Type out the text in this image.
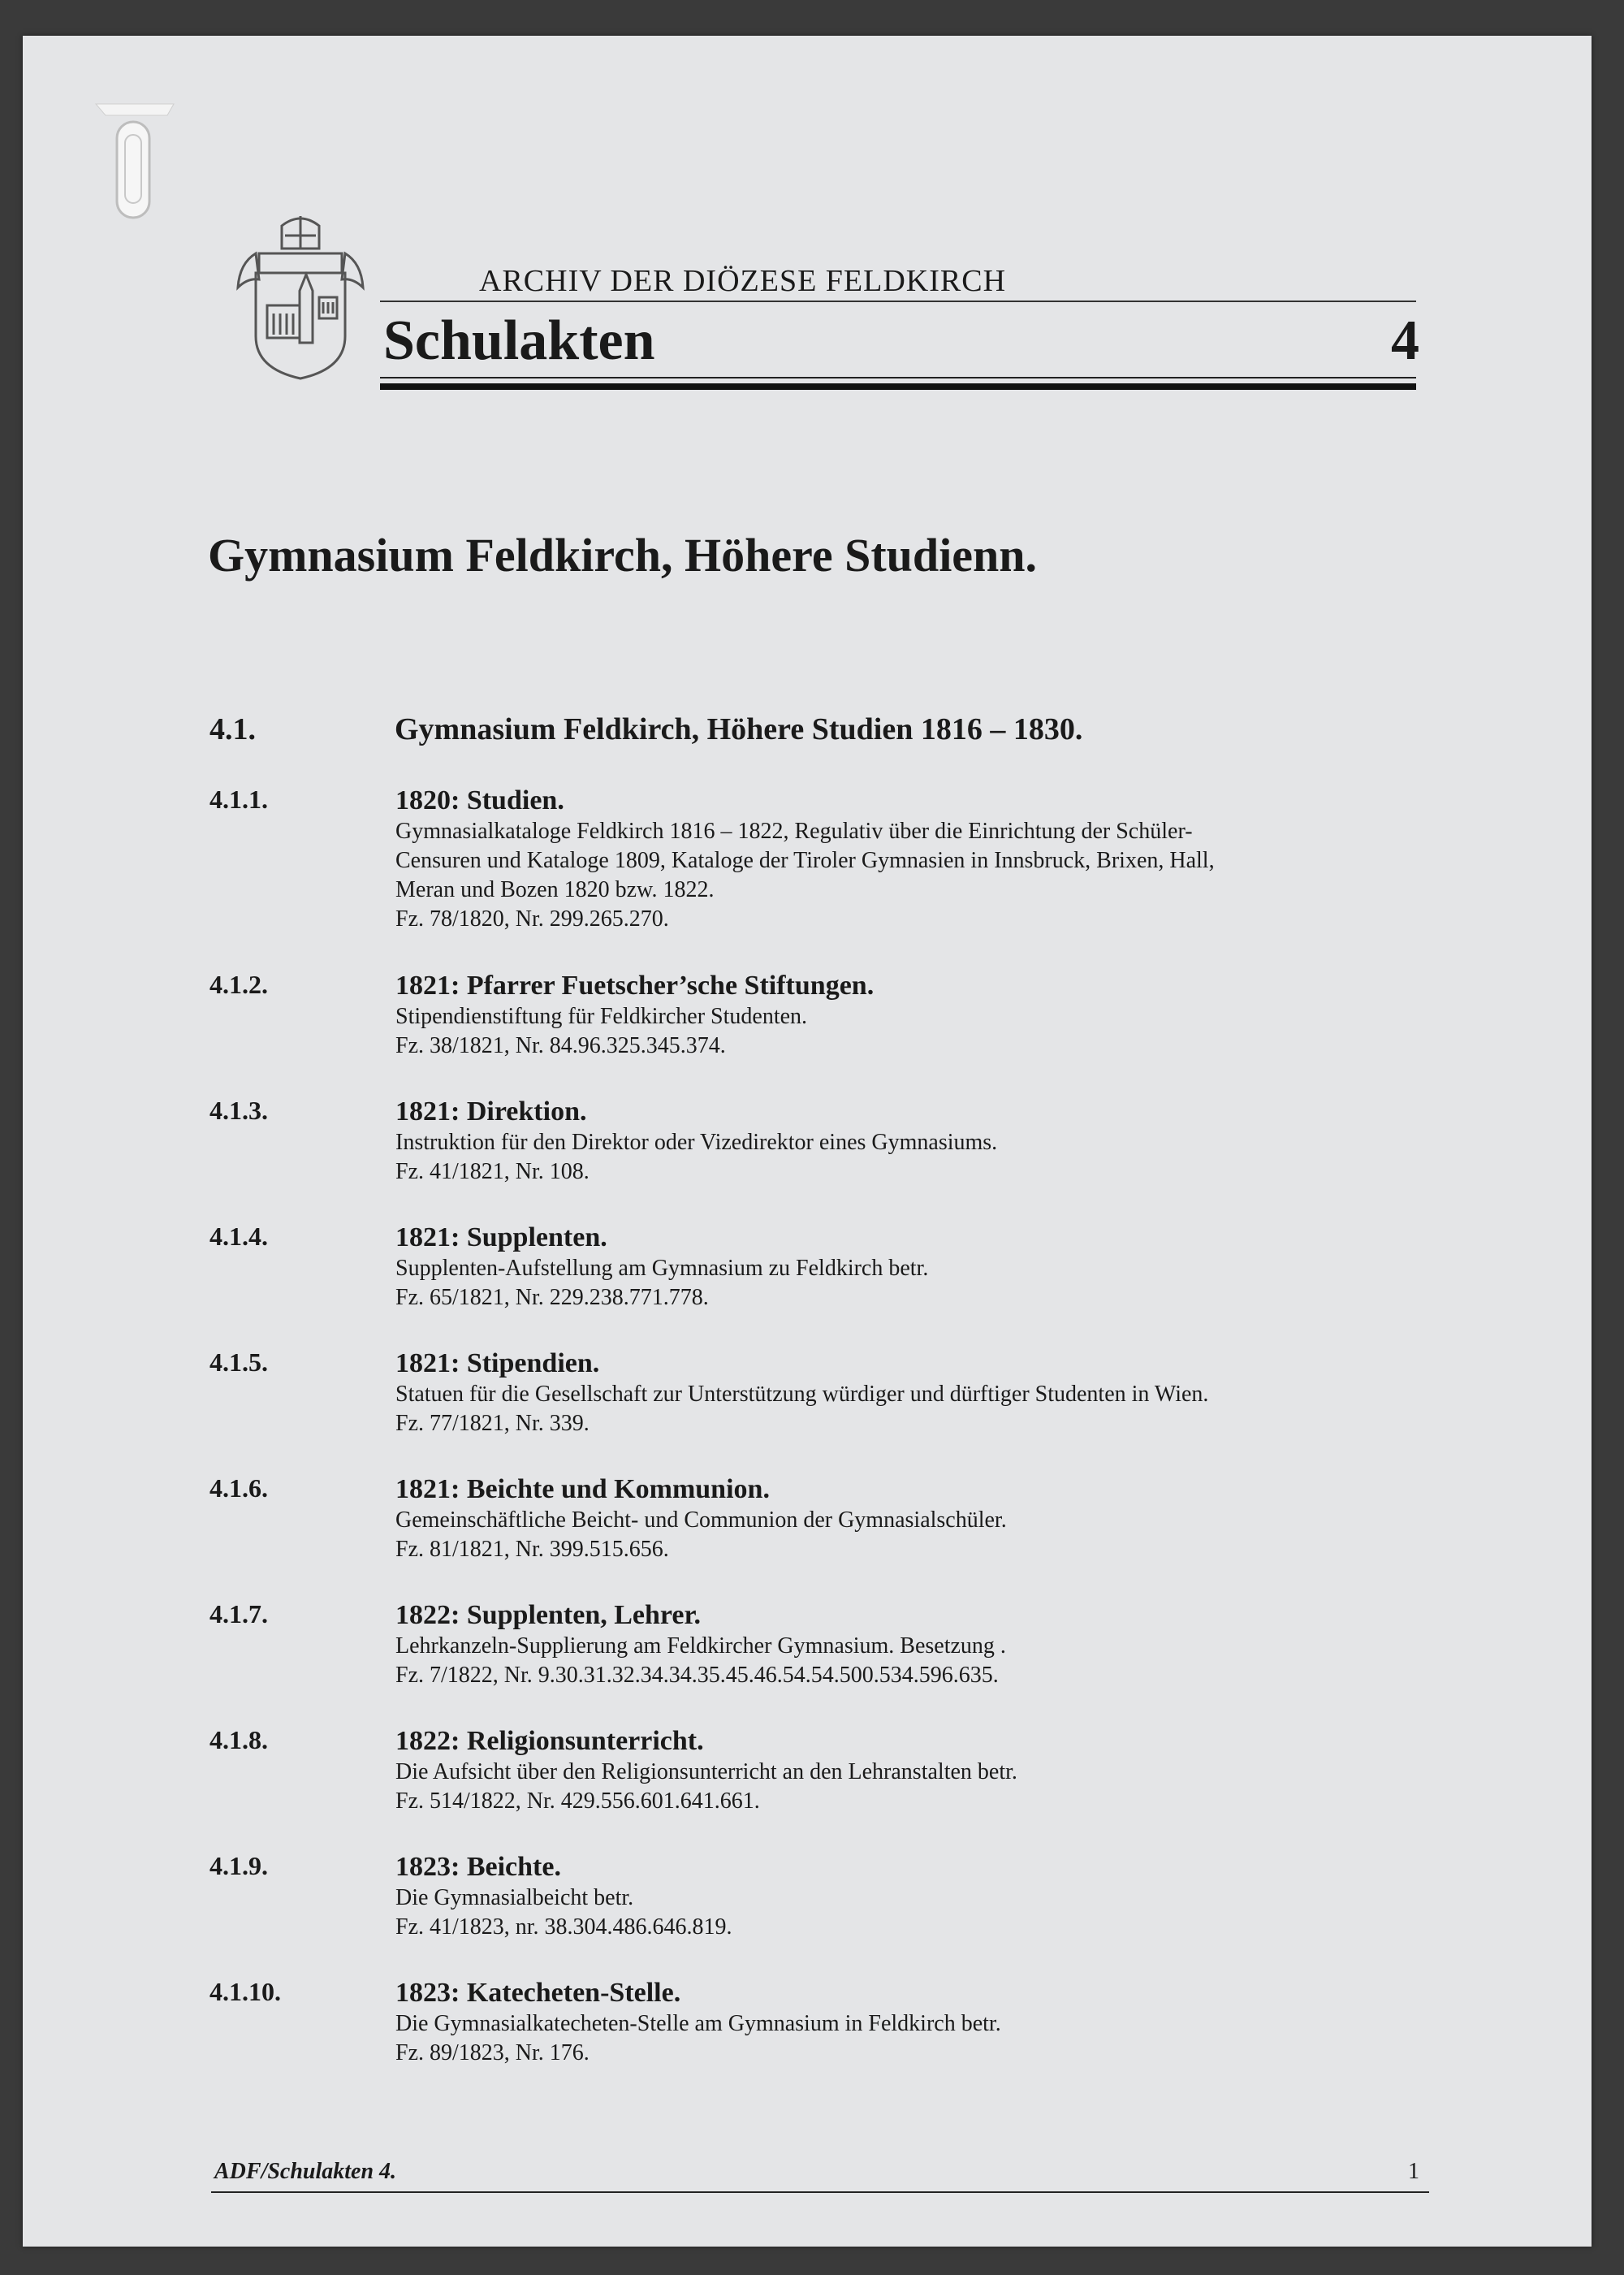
ARCHIV DER DIÖZESE FELDKIRCH
Schulakten	4
Gymnasium Feldkirch, Höhere Studienn.
4.1.	Gymnasium Feldkirch, Höhere Studien 1816 – 1830.
4.1.1.	1820: Studien.
Gymnasialkataloge Feldkirch 1816 – 1822, Regulativ über die Einrichtung der Schüler-
Censuren und Kataloge 1809, Kataloge der Tiroler Gymnasien in Innsbruck, Brixen, Hall,
Meran und Bozen 1820 bzw. 1822.
Fz. 78/1820, Nr. 299.265.270.
4.1.2.	1821: Pfarrer Fuetscher’sche Stiftungen.
Stipendienstiftung für Feldkircher Studenten.
Fz. 38/1821, Nr. 84.96.325.345.374.
4.1.3.	1821: Direktion.
Instruktion für den Direktor oder Vizedirektor eines Gymnasiums.
Fz. 41/1821, Nr. 108.
4.1.4.	1821: Supplenten.
Supplenten-Aufstellung am Gymnasium zu Feldkirch betr.
Fz. 65/1821, Nr. 229.238.771.778.
4.1.5.	1821: Stipendien.
Statuen für die Gesellschaft zur Unterstützung würdiger und dürftiger Studenten in Wien.
Fz. 77/1821, Nr. 339.
4.1.6.	1821: Beichte und Kommunion.
Gemeinschäftliche Beicht- und Communion der Gymnasialschüler.
Fz. 81/1821, Nr. 399.515.656.
4.1.7.	1822: Supplenten, Lehrer.
Lehrkanzeln-Supplierung am Feldkircher Gymnasium. Besetzung .
Fz. 7/1822, Nr. 9.30.31.32.34.34.35.45.46.54.54.500.534.596.635.
4.1.8.	1822: Religionsunterricht.
Die Aufsicht über den Religionsunterricht an den Lehranstalten betr.
Fz. 514/1822, Nr. 429.556.601.641.661.
4.1.9.	1823: Beichte.
Die Gymnasialbeicht betr.
Fz. 41/1823, nr. 38.304.486.646.819.
4.1.10.	1823: Katecheten-Stelle.
Die Gymnasialkatecheten-Stelle am Gymnasium in Feldkirch betr.
Fz. 89/1823, Nr. 176.
ADF/Schulakten 4.	1
